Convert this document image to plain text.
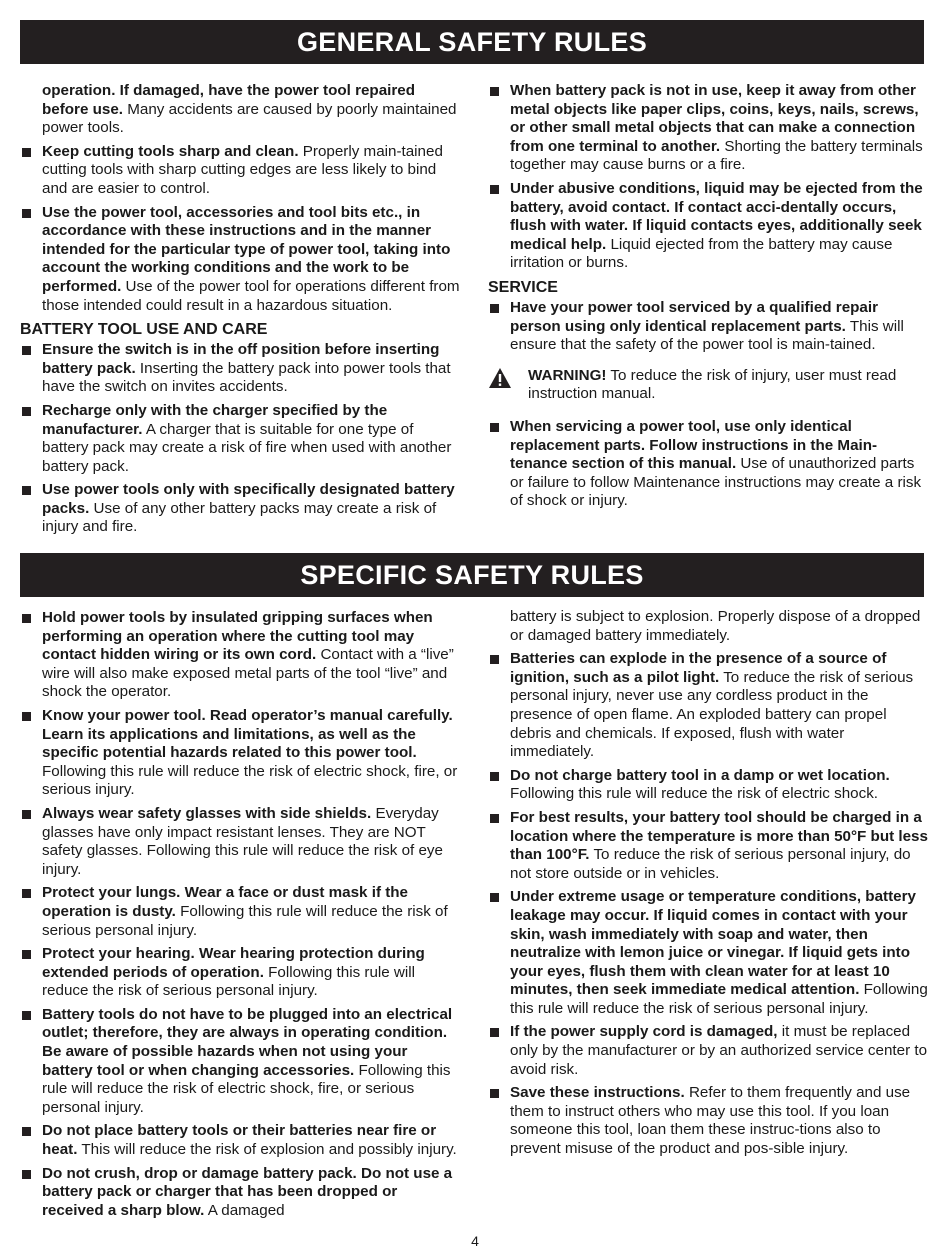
GENERAL SAFETY RULES
operation. If damaged, have the power tool repaired before use. Many accidents are caused by poorly maintained power tools.
Keep cutting tools sharp and clean. Properly main-tained cutting tools with sharp cutting edges are less likely to bind and are easier to control.
Use the power tool, accessories and tool bits etc., in accordance with these instructions and in the manner intended for the particular type of power tool, taking into account the working conditions and the work to be performed. Use of the power tool for operations different from those intended could result in a hazardous situation.
BATTERY TOOL USE AND CARE
Ensure the switch is in the off position before inserting battery pack. Inserting the battery pack into power tools that have the switch on invites accidents.
Recharge only with the charger specified by the manufacturer. A charger that is suitable for one type of battery pack may create a risk of fire when used with another battery pack.
Use power tools only with specifically designated battery packs. Use of any other battery packs may create a risk of injury and fire.
When battery pack is not in use, keep it away from other metal objects like paper clips, coins, keys, nails, screws, or other small metal objects that can make a connection from one terminal to another. Shorting the battery terminals together may cause burns or a fire.
Under abusive conditions, liquid may be ejected from the battery, avoid contact. If contact acci-dentally occurs, flush with water. If liquid contacts eyes, additionally seek medical help. Liquid ejected from the battery may cause irritation or burns.
SERVICE
Have your power tool serviced by a qualified repair person using only identical replacement parts. This will ensure that the safety of the power tool is main-tained.
WARNING! To reduce the risk of injury, user must read instruction manual.
When servicing a power tool, use only identical replacement parts. Follow instructions in the Main-tenance section of this manual. Use of unauthorized parts or failure to follow Maintenance instructions may create a risk of shock or injury.
SPECIFIC SAFETY RULES
Hold power tools by insulated gripping surfaces when performing an operation where the cutting tool may contact hidden wiring or its own cord. Contact with a “live” wire will also make exposed metal parts of the tool “live” and shock the operator.
Know your power tool. Read operator’s manual carefully. Learn its applications and limitations, as well as the specific potential hazards related to this power tool. Following this rule will reduce the risk of electric shock, fire, or serious injury.
Always wear safety glasses with side shields. Everyday glasses have only impact resistant lenses. They are NOT safety glasses. Following this rule will reduce the risk of eye injury.
Protect your lungs. Wear a face or dust mask if the operation is dusty. Following this rule will reduce the risk of serious personal injury.
Protect your hearing. Wear hearing protection during extended periods of operation. Following this rule will reduce the risk of serious personal injury.
Battery tools do not have to be plugged into an electrical outlet; therefore, they are always in operating condition. Be aware of possible hazards when not using your battery tool or when changing accessories. Following this rule will reduce the risk of electric shock, fire, or serious personal injury.
Do not place battery tools or their batteries near fire or heat. This will reduce the risk of explosion and possibly injury.
Do not crush, drop or damage battery pack. Do not use a battery pack or charger that has been dropped or received a sharp blow. A damaged
battery is subject to explosion. Properly dispose of a dropped or damaged battery immediately.
Batteries can explode in the presence of a source of ignition, such as a pilot light. To reduce the risk of serious personal injury, never use any cordless product in the presence of open flame. An exploded battery can propel debris and chemicals. If exposed, flush with water immediately.
Do not charge battery tool in a damp or wet location. Following this rule will reduce the risk of electric shock.
For best results, your battery tool should be charged in a location where the temperature is more than 50°F but less than 100°F. To reduce the risk of serious personal injury, do not store outside or in vehicles.
Under extreme usage or temperature conditions, battery leakage may occur. If liquid comes in contact with your skin, wash immediately with soap and water, then neutralize with lemon juice or vinegar. If liquid gets into your eyes, flush them with clean water for at least 10 minutes, then seek immediate medical attention. Following this rule will reduce the risk of serious personal injury.
If the power supply cord is damaged, it must be replaced only by the manufacturer or by an authorized service center to avoid risk.
Save these instructions. Refer to them frequently and use them to instruct others who may use this tool. If you loan someone this tool, loan them these instruc-tions also to prevent misuse of the product and pos-sible injury.
4
